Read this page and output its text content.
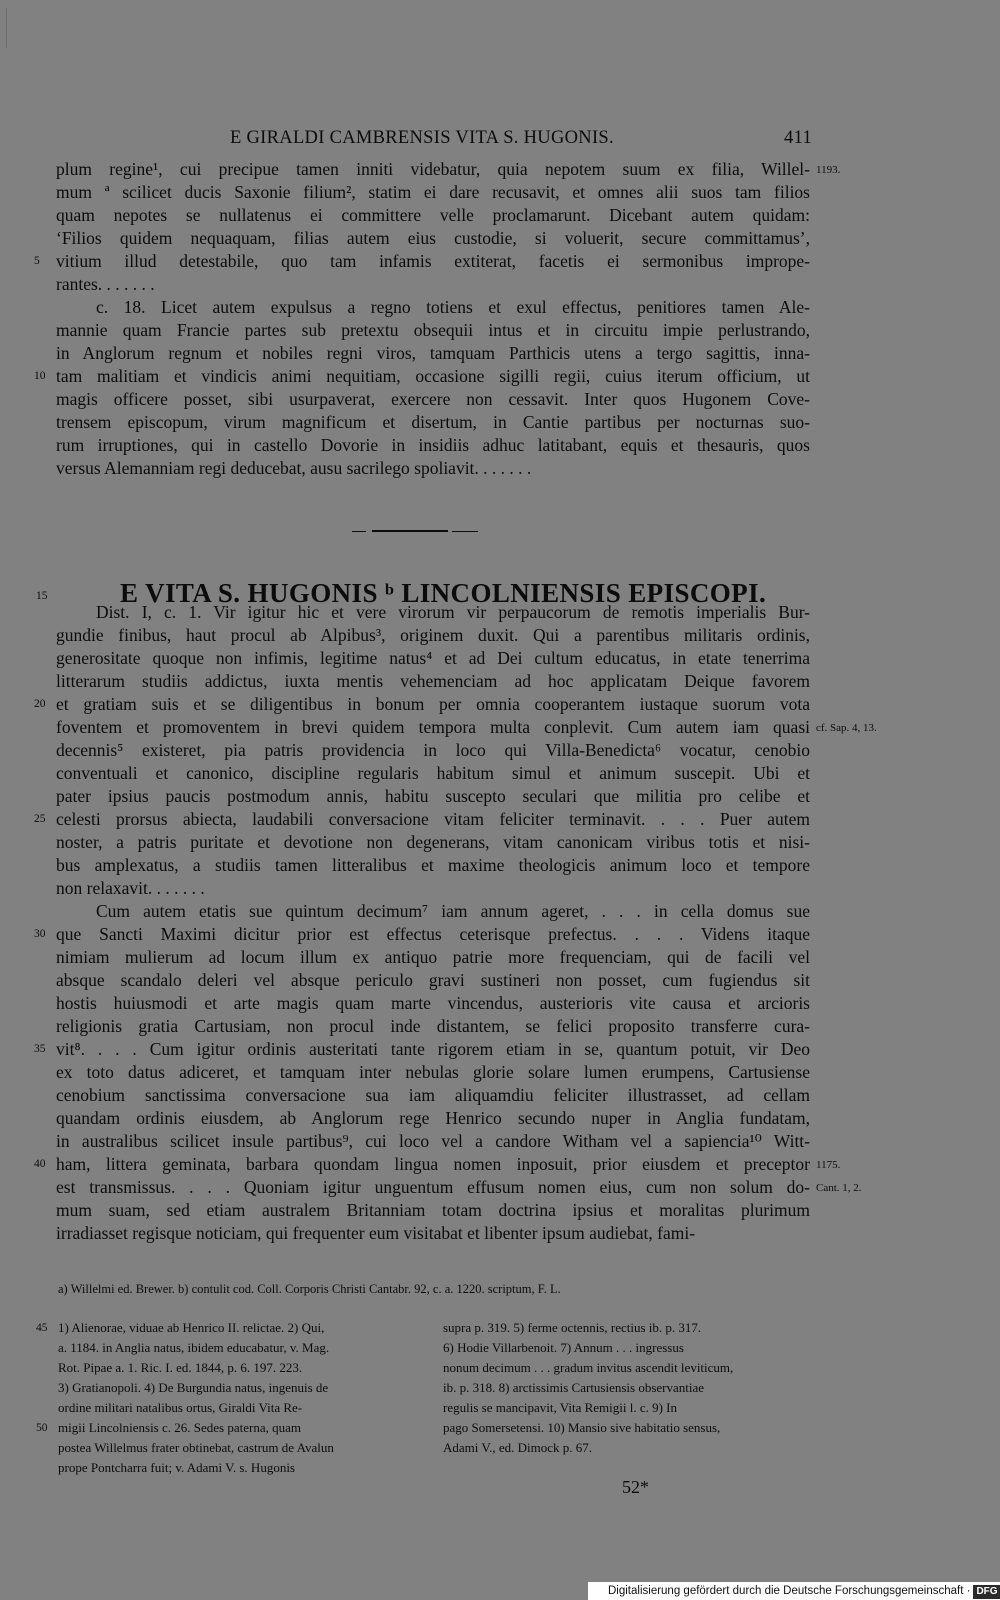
E GIRALDI CAMBRENSIS VITA S. HUGONIS.	411
plum regine¹, cui precipue tamen inniti videbatur, quia nepotem suum ex filia, Willel- 1193.
mum ª scilicet ducis Saxonie filium², statim ei dare recusavit, et omnes alii suos tam filios
quam nepotes se nullatenus ei committere velle proclamarunt. Dicebant autem quidam:
‘Filios quidem nequaquam, filias autem eius custodie, si voluerit, secure committamus’,
vitium illud detestabile, quo tam infamis extiterat, facetis ei sermonibus imprope-
5
rantes. . . . . . .
c. 18. Licet autem expulsus a regno totiens et exul effectus, penitiores tamen Ale-
mannie quam Francie partes sub pretextu obsequii intus et in circuitu impie perlustrando,
in Anglorum regnum et nobiles regni viros, tamquam Parthicis utens a tergo sagittis, inna-
tam malitiam et vindicis animi nequitiam, occasione sigilli regii, cuius iterum officium, ut
10
magis officere posset, sibi usurpaverat, exercere non cessavit. Inter quos Hugonem Cove-
trensem episcopum, virum magnificum et disertum, in Cantie partibus per nocturnas suo-
rum irruptiones, qui in castello Dovorie in insidiis adhuc latitabant, equis et thesauris, quos
versus Alemanniam regi deducebat, ausu sacrilego spoliavit. . . . . . .
15	E VITA S. HUGONIS ᵇ LINCOLNIENSIS EPISCOPI.
Dist. I, c. 1. Vir igitur hic et vere virorum vir perpaucorum de remotis imperialis Bur-
gundie finibus, haut procul ab Alpibus³, originem duxit. Qui a parentibus militaris ordinis,
generositate quoque non infimis, legitime natus⁴ et ad Dei cultum educatus, in etate tenerrima
litterarum studiis addictus, iuxta mentis vehemenciam ad hoc applicatam Deique favorem
et gratiam suis et se diligentibus in bonum per omnia cooperantem iustaque suorum vota
20
foventem et promoventem in brevi quidem tempora multa conplevit. Cum autem iam quasi cf. Sap. 4, 13.
decennis⁵ existeret, pia patris providencia in loco qui Villa-Benedicta⁶ vocatur, cenobio
conventuali et canonico, discipline regularis habitum simul et animum suscepit. Ubi et
pater ipsius paucis postmodum annis, habitu suscepto seculari que militia pro celibe et
celesti prorsus abiecta, laudabili conversacione vitam feliciter terminavit. . . . Puer autem
25
noster, a patris puritate et devotione non degenerans, vitam canonicam viribus totis et nisi-
bus amplexatus, a studiis tamen litteralibus et maxime theologicis animum loco et tempore
non relaxavit. . . . . . .
Cum autem etatis sue quintum decimum⁷ iam annum ageret, . . . in cella domus sue
que Sancti Maximi dicitur prior est effectus ceterisque prefectus. . . . Videns itaque
30
nimiam mulierum ad locum illum ex antiquo patrie more frequenciam, qui de facili vel
absque scandalo deleri vel absque periculo gravi sustineri non posset, cum fugiendus sit
hostis huiusmodi et arte magis quam marte vincendus, austerioris vite causa et arcioris
religionis gratia Cartusiam, non procul inde distantem, se felici proposito transferre cura-
vit⁸. . . . Cum igitur ordinis austeritati tante rigorem etiam in se, quantum potuit, vir Deo
35
ex toto datus adiceret, et tamquam inter nebulas glorie solare lumen erumpens, Cartusiense
cenobium sanctissima conversacione sua iam aliquamdiu feliciter illustrasset, ad cellam
quandam ordinis eiusdem, ab Anglorum rege Henrico secundo nuper in Anglia fundatam,
in australibus scilicet insule partibus⁹, cui loco vel a candore Witham vel a sapiencia¹⁰ Witt-
ham, littera geminata, barbara quondam lingua nomen inposuit, prior eiusdem et preceptor
40	1175.
est transmissus. . . . Quoniam igitur unguentum effusum nomen eius, cum non solum do- Cant. 1, 2.
mum suam, sed etiam australem Britanniam totam doctrina ipsius et moralitas plurimum
irradiasset regisque noticiam, qui frequenter eum visitabat et libenter ipsum audiebat, fami-
a) Willelmi ed. Brewer. b) contulit cod. Coll. Corporis Christi Cantabr. 92, c. a. 1220. scriptum, F. L.
1) Alienorae, viduae ab Henrico II. relictae. 2) Qui,
45
a. 1184. in Anglia natus, ibidem educabatur, v. Mag.
Rot. Pipae a. 1. Ric. I. ed. 1844, p. 6. 197. 223.
3) Gratianopoli. 4) De Burgundia natus, ingenuis de
ordine militari natalibus ortus, Giraldi Vita Re-
migii Lincolniensis c. 26. Sedes paterna, quam
50
postea Willelmus frater obtinebat, castrum de Avalun
prope Pontcharra fuit; v. Adami V. s. Hugonis
supra p. 319. 5) ferme octennis, rectius ib. p. 317.
6) Hodie Villarbenoit. 7) Annum . . . ingressus
nonum decimum . . . gradum invitus ascendit leviticum,
ib. p. 318. 8) arctissimis Cartusiensis observantiae
regulis se mancipavit, Vita Remigii l. c. 9) In
pago Somersetensi. 10) Mansio sive habitatio sensus,
Adami V., ed. Dimock p. 67.
52*
Digitalisierung gefördert durch die Deutsche Forschungsgemeinschaft · DFG
